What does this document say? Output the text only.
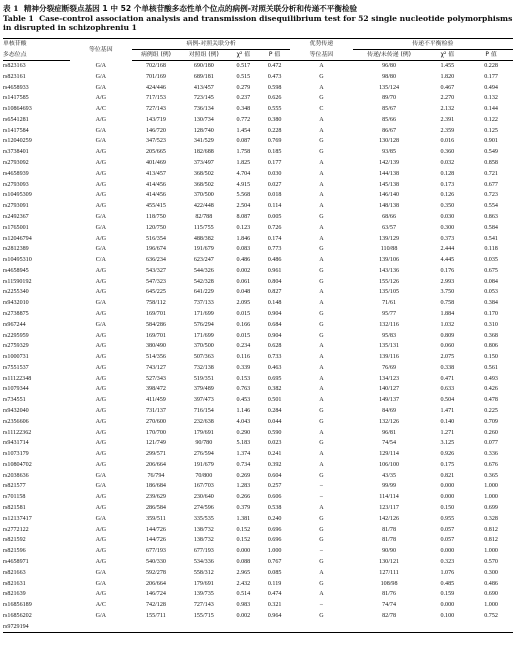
表 1 精神分裂症断裂点基因 1 中 52 个单核苷酸多态性单个位点的病例-对照关联分析和传递不平衡检验
Table 1 Case-control association analysis and transmission disequilibrium test for 52 single nucleotide polymorphisms in disrupted in schizophreniu 1
单核苷酸	等位基因	病例-对照关联分析				优势传递	传递不平衡检验		
多态位点		病例组 (例)	对照组 (例)	χ² 值	P 值	等位基因	传递/未传递 (例)	χ² 值	P 值
rs823163	G/A	702/168	690/180	0.517	0.472	A	96/80	1.455	0.228
rs823161	G/A	701/169	689/181	0.515	0.473	G	98/80	1.820	0.177
rs4658933	G/A	424/446	413/457	0.279	0.598	A	135/124	0.467	0.494
rs1417585	A/G	717/153	723/145	0.237	0.626	G	89/70	2.270	0.132
rs10864693	A/C	727/143	736/134	0.348	0.555	C	85/67	2.132	0.144
rs6541281	A/G	143/719	130/734	0.772	0.380	A	85/66	2.391	0.122
rs1417584	G/A	146/720	128/740	1.454	0.228	A	86/67	2.359	0.125
rs12040259	G/A	347/523	341/529	0.087	0.769	G	130/128	0.016	0.901
rs3738401	A/G	205/665	182/688	1.758	0.185	G	93/85	0.360	0.549
rs2793092	A/G	401/469	373/497	1.825	0.177	A	142/139	0.032	0.858
rs4658939	A/G	413/457	368/502	4.704	0.030	A	144/138	0.128	0.721
rs2793093	A/G	414/456	368/502	4.915	0.027	A	145/138	0.173	0.677
rs10495309	A/G	414/456	370/500	5.568	0.018	A	146/140	0.126	0.723
rs2793091	A/G	455/415	422/448	2.504	0.114	A	148/138	0.350	0.554
rs2492367	G/A	118/750	82/788	8.087	0.005	G	68/66	0.030	0.863
rs1765001	G/A	120/750	115/755	0.123	0.726	A	63/57	0.300	0.584
rs12046794	A/G	516/354	488/382	1.846	0.174	A	139/129	0.373	0.541
rs2812389	G/A	196/674	191/679	0.083	0.773	G	110/88	2.444	0.118
rs10495310	C/A	636/234	623/247	0.486	0.486	A	139/106	4.445	0.035
rs4658945	A/G	543/327	544/326	0.002	0.961	G	143/136	0.176	0.675
rs11590192	A/G	547/323	542/328	0.061	0.804	G	155/126	2.993	0.084
rs2255340	A/G	645/225	641/229	0.048	0.827	A	135/105	3.750	0.053
rs9432010	G/A	758/112	737/133	2.095	0.148	A	71/61	0.758	0.384
rs2738875	A/G	169/701	171/699	0.015	0.904	G	95/77	1.884	0.170
rs967244	G/A	584/286	576/294	0.166	0.684	G	132/116	1.032	0.310
rs2295959	A/G	169/701	171/699	0.015	0.904	G	95/83	0.809	0.368
rs2759329	A/G	380/490	370/500	0.234	0.628	A	135/131	0.060	0.806
rs1000731	A/G	514/356	507/363	0.116	0.733	A	139/116	2.075	0.150
rs7551537	A/G	743/127	732/138	0.339	0.463	A	76/69	0.338	0.561
rs11122348	A/G	527/343	519/351	0.153	0.695	A	134/123	0.471	0.493
rs1079344	A/G	398/472	379/489	0.763	0.382	A	140/127	0.633	0.426
rs734551	A/G	411/459	397/473	0.453	0.501	A	149/137	0.504	0.478
rs9432040	A/G	731/137	716/154	1.146	0.284	G	84/69	1.471	0.225
rs2356606	A/G	270/600	232/638	4.043	0.044	G	132/126	0.140	0.709
rs11122362	A/G	170/700	179/691	0.290	0.590	A	96/81	1.271	0.260
rs9431714	A/G	121/749	90/780	5.183	0.023	G	74/54	3.125	0.077
rs1073179	A/G	299/571	276/594	1.374	0.241	A	129/114	0.926	0.336
rs10804702	A/G	206/664	191/679	0.734	0.392	A	106/100	0.175	0.676
rs2038636	G/A	76/794	70/800	0.269	0.604	G	43/35	0.821	0.365
rs821577	G/A	186/684	167/703	1.283	0.257	–	99/99	0.000	1.000
rs701158	A/G	239/629	230/640	0.266	0.606	–	114/114	0.000	1.000
rs821581	A/G	286/584	274/596	0.379	0.538	A	123/117	0.150	0.699
rs12137417	G/A	359/511	335/535	1.381	0.240	G	142/126	0.955	0.328
rs2772122	A/G	144/726	138/732	0.152	0.696	G	81/78	0.057	0.812
rs821592	A/G	144/726	138/732	0.152	0.696	G	81/78	0.057	0.812
rs821596	A/G	677/193	677/193	0.000	1.000	–	90/90	0.000	1.000
rs4658971	A/G	540/330	534/336	0.088	0.767	G	130/121	0.323	0.570
rs821663	G/A	592/278	558/312	2.965	0.085	A	127/111	1.076	0.300
rs821631	G/A	206/664	179/691	2.432	0.119	G	108/98	0.485	0.486
rs821639	A/G	146/724	139/735	0.514	0.474	A	81/76	0.159	0.690
rs16856189	A/C	742/128	727/143	0.983	0.321	–	74/74	0.000	1.000
rs16856202	G/A	155/711	155/715	0.002	0.964	G	82/78	0.100	0.752
rs9729194									
